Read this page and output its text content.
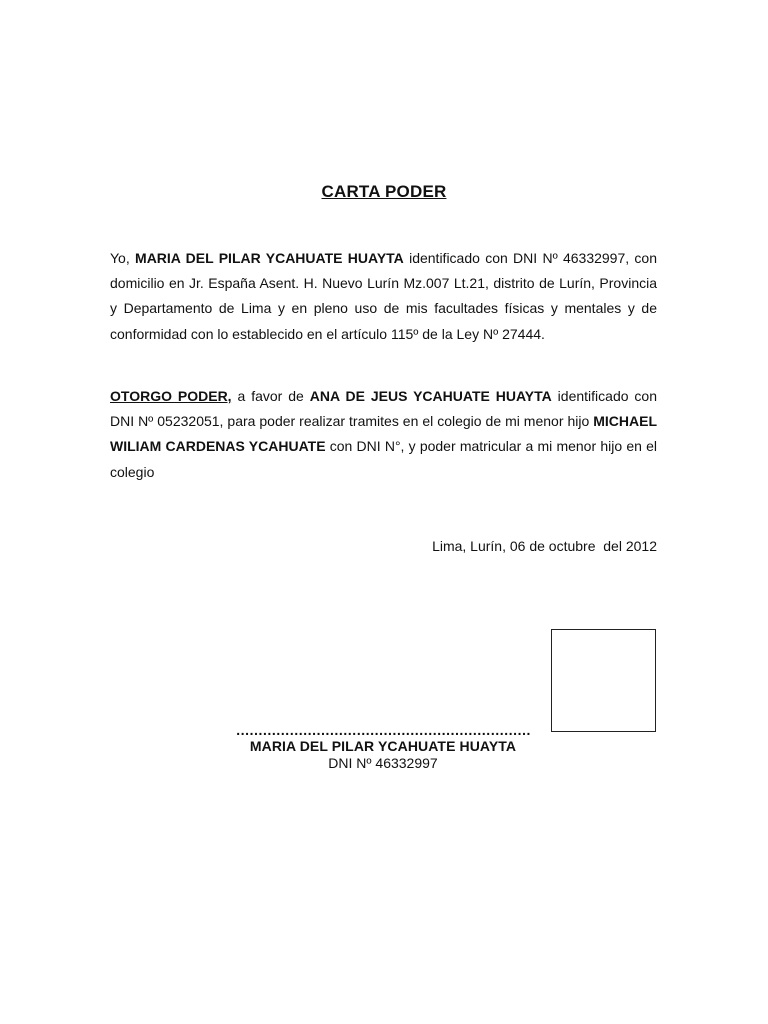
CARTA PODER
Yo, MARIA DEL PILAR YCAHUATE HUAYTA identificado con DNI Nº 46332997, con domicilio en Jr. España Asent. H. Nuevo Lurín Mz.007 Lt.21, distrito de Lurín, Provincia y Departamento de Lima y en pleno uso de mis facultades físicas y mentales y de conformidad con lo establecido en el artículo 115º de la Ley Nº 27444.
OTORGO PODER, a favor de ANA DE JEUS YCAHUATE HUAYTA identificado con DNI Nº 05232051, para poder realizar tramites en el colegio de mi menor hijo MICHAEL WILIAM CARDENAS YCAHUATE con DNI N°, y poder matricular a mi menor hijo en el colegio
Lima, Lurín, 06 de octubre  del 2012
…………………………………………………………
MARIA DEL PILAR YCAHUATE HUAYTA
DNI Nº 46332997
